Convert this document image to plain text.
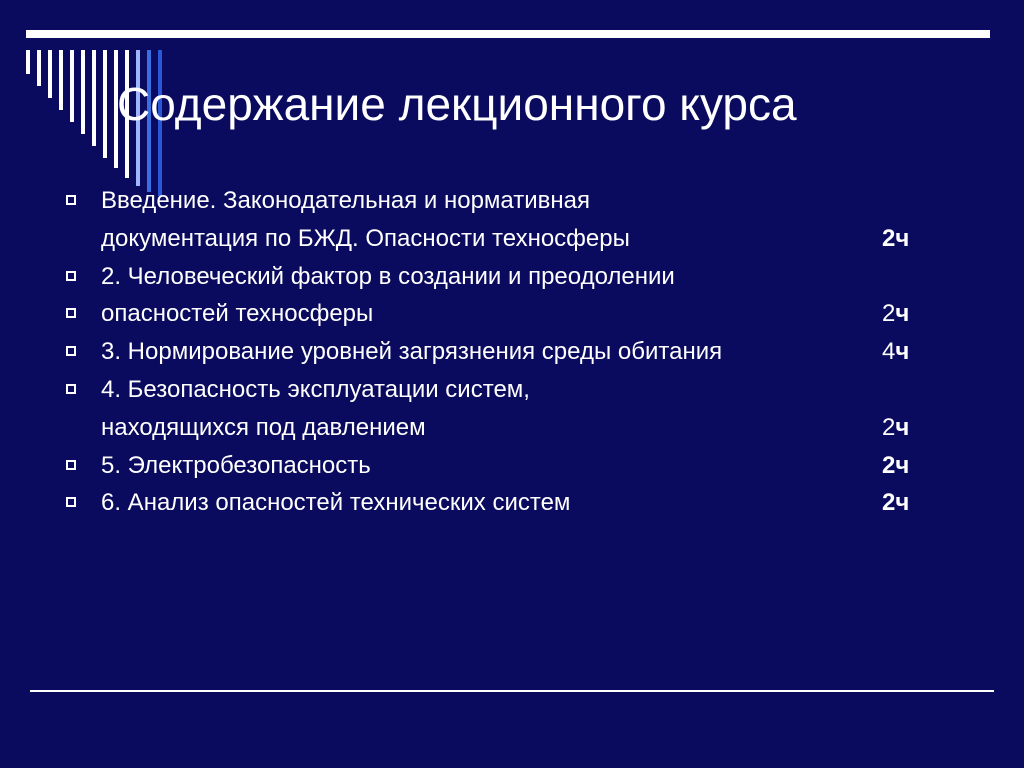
Содержание лекционного курса
Введение. Законодательная и нормативная
документация по БЖД. Опасности техносферы	2ч
2. Человеческий фактор в создании и преодолении
опасностей техносферы	2ч
3. Нормирование уровней загрязнения среды обитания	4ч
4. Безопасность эксплуатации систем,
находящихся под давлением	2ч
5. Электробезопасность	2ч
6. Анализ опасностей технических систем	2ч
